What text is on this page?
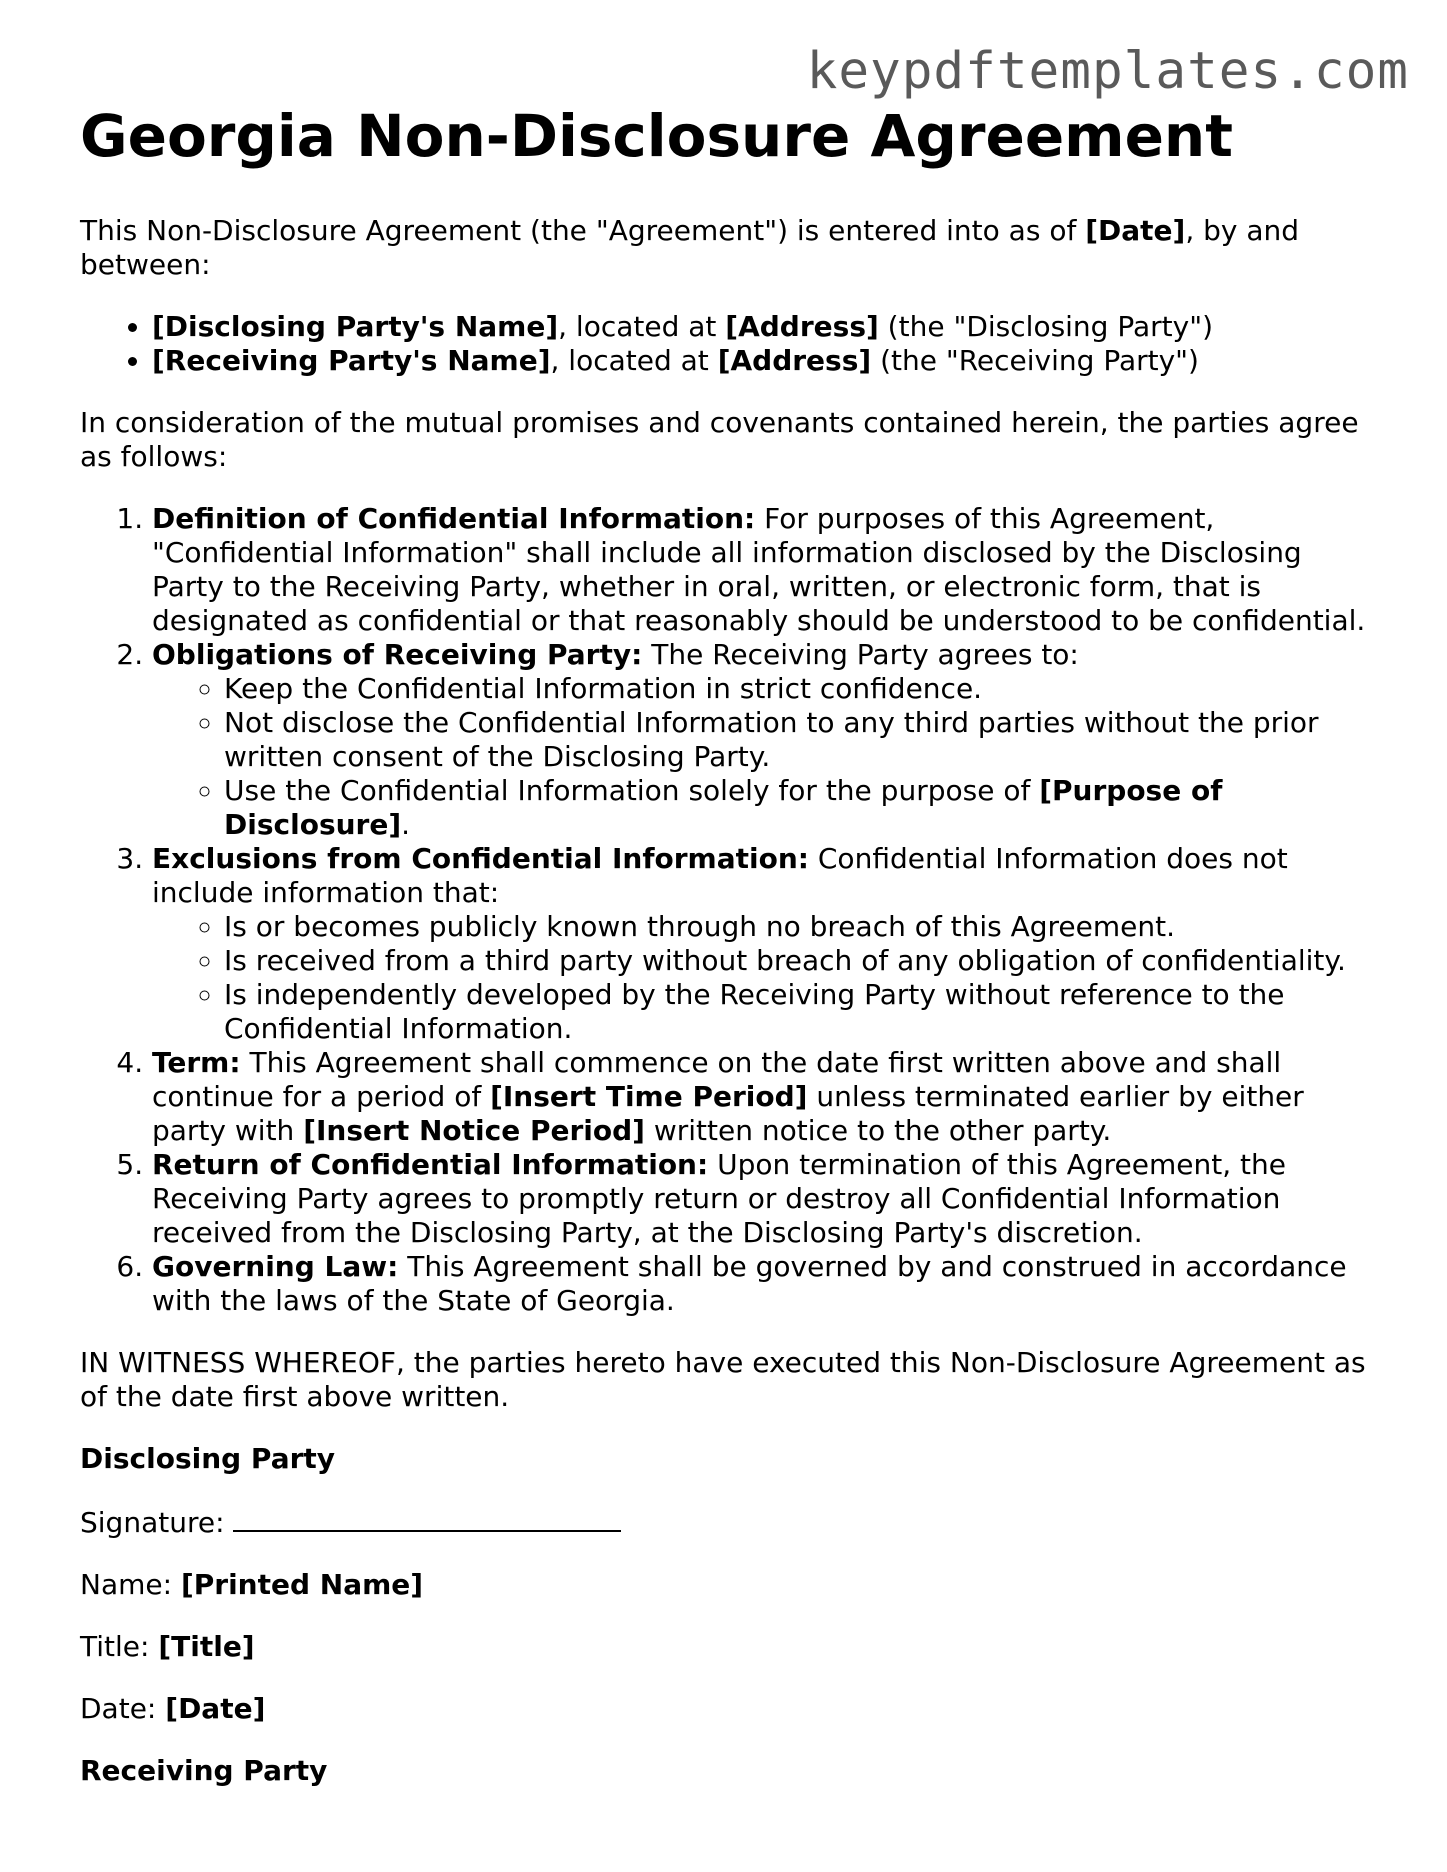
keypdftemplates.com
Georgia Non-Disclosure Agreement

This Non-Disclosure Agreement (the "Agreement") is entered into as of [Date], by and between:

• [Disclosing Party's Name], located at [Address] (the "Disclosing Party")
• [Receiving Party's Name], located at [Address] (the "Receiving Party")

In consideration of the mutual promises and covenants contained herein, the parties agree as follows:

1. Definition of Confidential Information: For purposes of this Agreement, "Confidential Information" shall include all information disclosed by the Disclosing Party to the Receiving Party, whether in oral, written, or electronic form, that is designated as confidential or that reasonably should be understood to be confidential.
2. Obligations of Receiving Party: The Receiving Party agrees to:
◦ Keep the Confidential Information in strict confidence.
◦ Not disclose the Confidential Information to any third parties without the prior written consent of the Disclosing Party.
◦ Use the Confidential Information solely for the purpose of [Purpose of Disclosure].
3. Exclusions from Confidential Information: Confidential Information does not include information that:
◦ Is or becomes publicly known through no breach of this Agreement.
◦ Is received from a third party without breach of any obligation of confidentiality.
◦ Is independently developed by the Receiving Party without reference to the Confidential Information.
4. Term: This Agreement shall commence on the date first written above and shall continue for a period of [Insert Time Period] unless terminated earlier by either party with [Insert Notice Period] written notice to the other party.
5. Return of Confidential Information: Upon termination of this Agreement, the Receiving Party agrees to promptly return or destroy all Confidential Information received from the Disclosing Party, at the Disclosing Party's discretion.
6. Governing Law: This Agreement shall be governed by and construed in accordance with the laws of the State of Georgia.

IN WITNESS WHEREOF, the parties hereto have executed this Non-Disclosure Agreement as of the date first above written.

Disclosing Party

Signature:

Name: [Printed Name]

Title: [Title]

Date: [Date]

Receiving Party
